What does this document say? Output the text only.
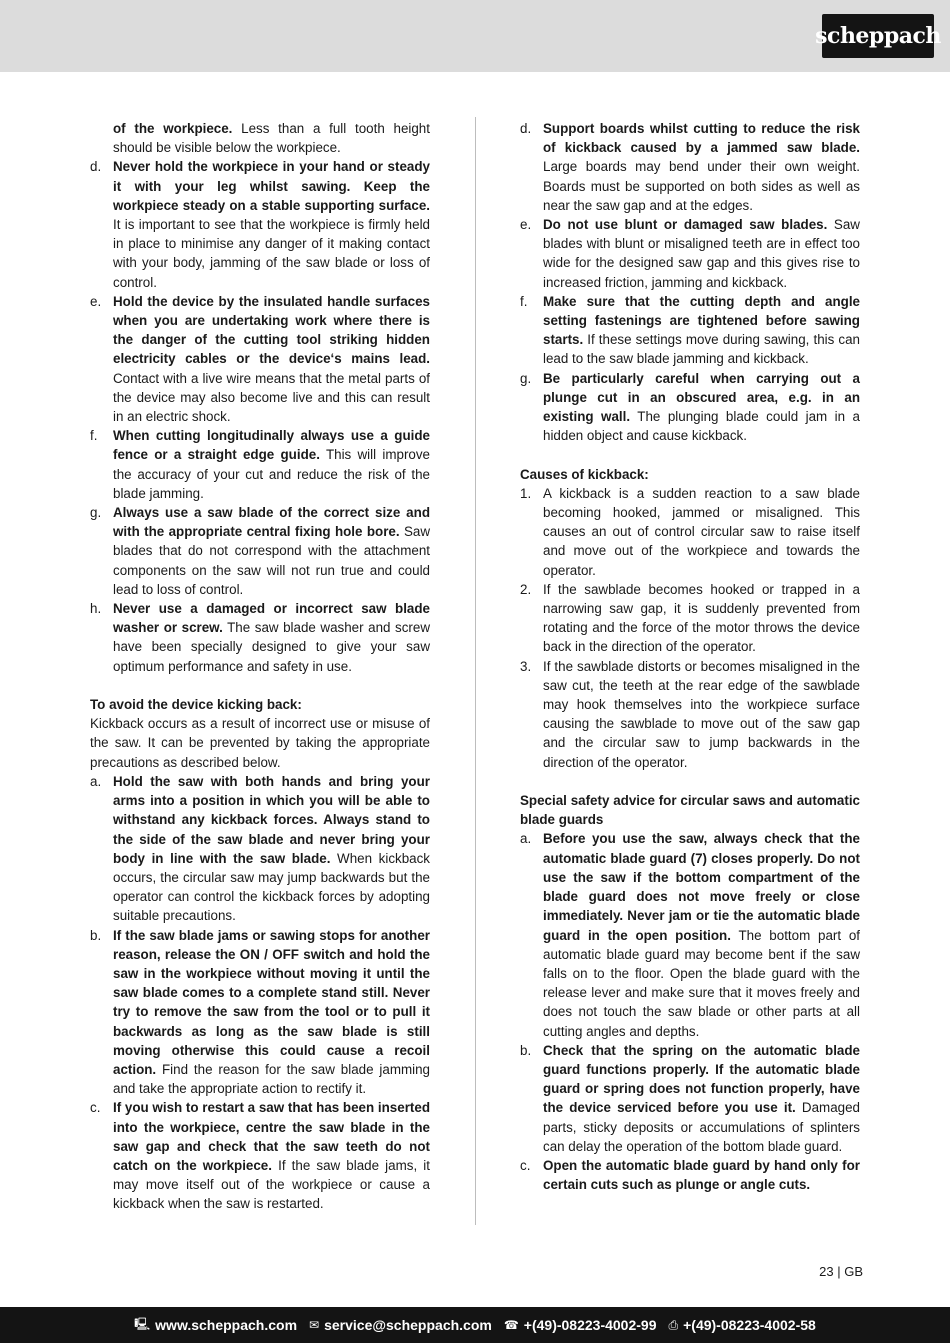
scheppach
of the workpiece. Less than a full tooth height should be visible below the workpiece.
d. Never hold the workpiece in your hand or steady it with your leg whilst sawing. Keep the workpiece steady on a stable supporting surface. It is important to see that the workpiece is firmly held in place to minimise any danger of it making contact with your body, jamming of the saw blade or loss of control.
e. Hold the device by the insulated handle surfaces when you are undertaking work where there is the danger of the cutting tool striking hidden electricity cables or the device‘s mains lead. Contact with a live wire means that the metal parts of the device may also become live and this can result in an electric shock.
f. When cutting longitudinally always use a guide fence or a straight edge guide. This will improve the accuracy of your cut and reduce the risk of the blade jamming.
g. Always use a saw blade of the correct size and with the appropriate central fixing hole bore. Saw blades that do not correspond with the attachment components on the saw will not run true and could lead to loss of control.
h. Never use a damaged or incorrect saw blade washer or screw. The saw blade washer and screw have been specially designed to give your saw optimum performance and safety in use.
To avoid the device kicking back:
Kickback occurs as a result of incorrect use or misuse of the saw. It can be prevented by taking the appropriate precautions as described below.
a. Hold the saw with both hands and bring your arms into a position in which you will be able to withstand any kickback forces. Always stand to the side of the saw blade and never bring your body in line with the saw blade. When kickback occurs, the circular saw may jump backwards but the operator can control the kickback forces by adopting suitable precautions.
b. If the saw blade jams or sawing stops for another reason, release the ON / OFF switch and hold the saw in the workpiece without moving it until the saw blade comes to a complete stand still. Never try to remove the saw from the tool or to pull it backwards as long as the saw blade is still moving otherwise this could cause a recoil action. Find the reason for the saw blade jamming and take the appropriate action to rectify it.
c. If you wish to restart a saw that has been inserted into the workpiece, centre the saw blade in the saw gap and check that the saw teeth do not catch on the workpiece. If the saw blade jams, it may move itself out of the workpiece or cause a kickback when the saw is restarted.
d. Support boards whilst cutting to reduce the risk of kickback caused by a jammed saw blade. Large boards may bend under their own weight. Boards must be supported on both sides as well as near the saw gap and at the edges.
e. Do not use blunt or damaged saw blades. Saw blades with blunt or misaligned teeth are in effect too wide for the designed saw gap and this gives rise to increased friction, jamming and kickback.
f. Make sure that the cutting depth and angle setting fastenings are tightened before sawing starts. If these settings move during sawing, this can lead to the saw blade jamming and kickback.
g. Be particularly careful when carrying out a plunge cut in an obscured area, e.g. in an existing wall. The plunging blade could jam in a hidden object and cause kickback.
Causes of kickback:
1. A kickback is a sudden reaction to a saw blade becoming hooked, jammed or misaligned. This causes an out of control circular saw to raise itself and move out of the workpiece and towards the operator.
2. If the sawblade becomes hooked or trapped in a narrowing saw gap, it is suddenly prevented from rotating and the force of the motor throws the device back in the direction of the operator.
3. If the sawblade distorts or becomes misaligned in the saw cut, the teeth at the rear edge of the sawblade may hook themselves into the workpiece surface causing the sawblade to move out of the saw gap and the circular saw to jump backwards in the direction of the operator.
Special safety advice for circular saws and automatic blade guards
a. Before you use the saw, always check that the automatic blade guard (7) closes properly. Do not use the saw if the bottom compartment of the blade guard does not move freely or close immediately. Never jam or tie the automatic blade guard in the open position. The bottom part of automatic blade guard may become bent if the saw falls on to the floor. Open the blade guard with the release lever and make sure that it moves freely and does not touch the saw blade or other parts at all cutting angles and depths.
b. Check that the spring on the automatic blade guard functions properly. If the automatic blade guard or spring does not function properly, have the device serviced before you use it. Damaged parts, sticky deposits or accumulations of splinters can delay the operation of the bottom blade guard.
c. Open the automatic blade guard by hand only for certain cuts such as plunge or angle cuts.
23 | GB
🖳 www.scheppach.com ✉ service@scheppach.com ☎ +(49)-08223-4002-99 ⎙ +(49)-08223-4002-58
